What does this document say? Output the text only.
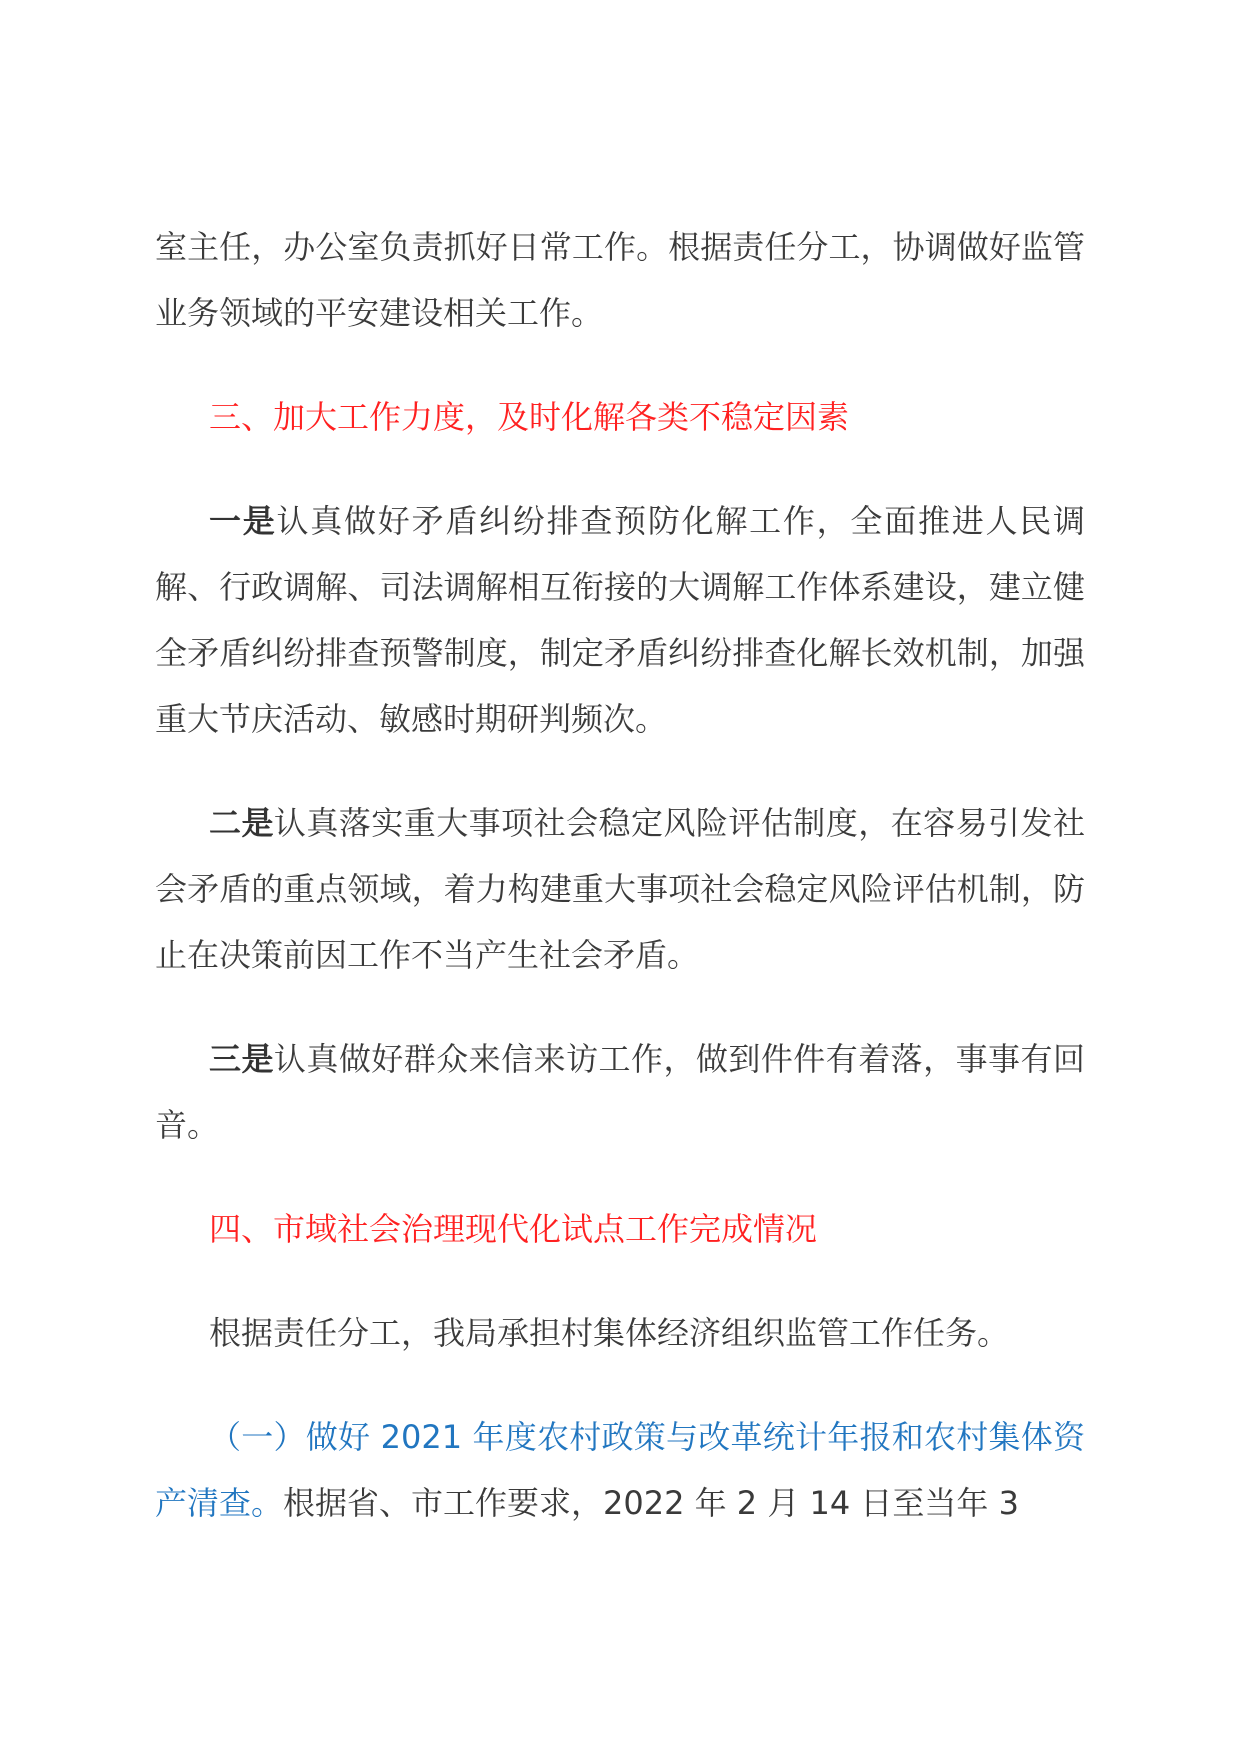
室主任，办公室负责抓好日常工作。根据责任分工，协调做好监管业务领域的平安建设相关工作。

三、加大工作力度，及时化解各类不稳定因素

一是认真做好矛盾纠纷排查预防化解工作，全面推进人民调解、行政调解、司法调解相互衔接的大调解工作体系建设，建立健全矛盾纠纷排查预警制度，制定矛盾纠纷排查化解长效机制，加强重大节庆活动、敏感时期研判频次。

二是认真落实重大事项社会稳定风险评估制度，在容易引发社会矛盾的重点领域，着力构建重大事项社会稳定风险评估机制，防止在决策前因工作不当产生社会矛盾。

三是认真做好群众来信来访工作，做到件件有着落，事事有回音。

四、市域社会治理现代化试点工作完成情况

根据责任分工，我局承担村集体经济组织监管工作任务。

（一）做好 2021 年度农村政策与改革统计年报和农村集体资产清查。根据省、市工作要求，2022 年 2 月 14 日至当年 3
